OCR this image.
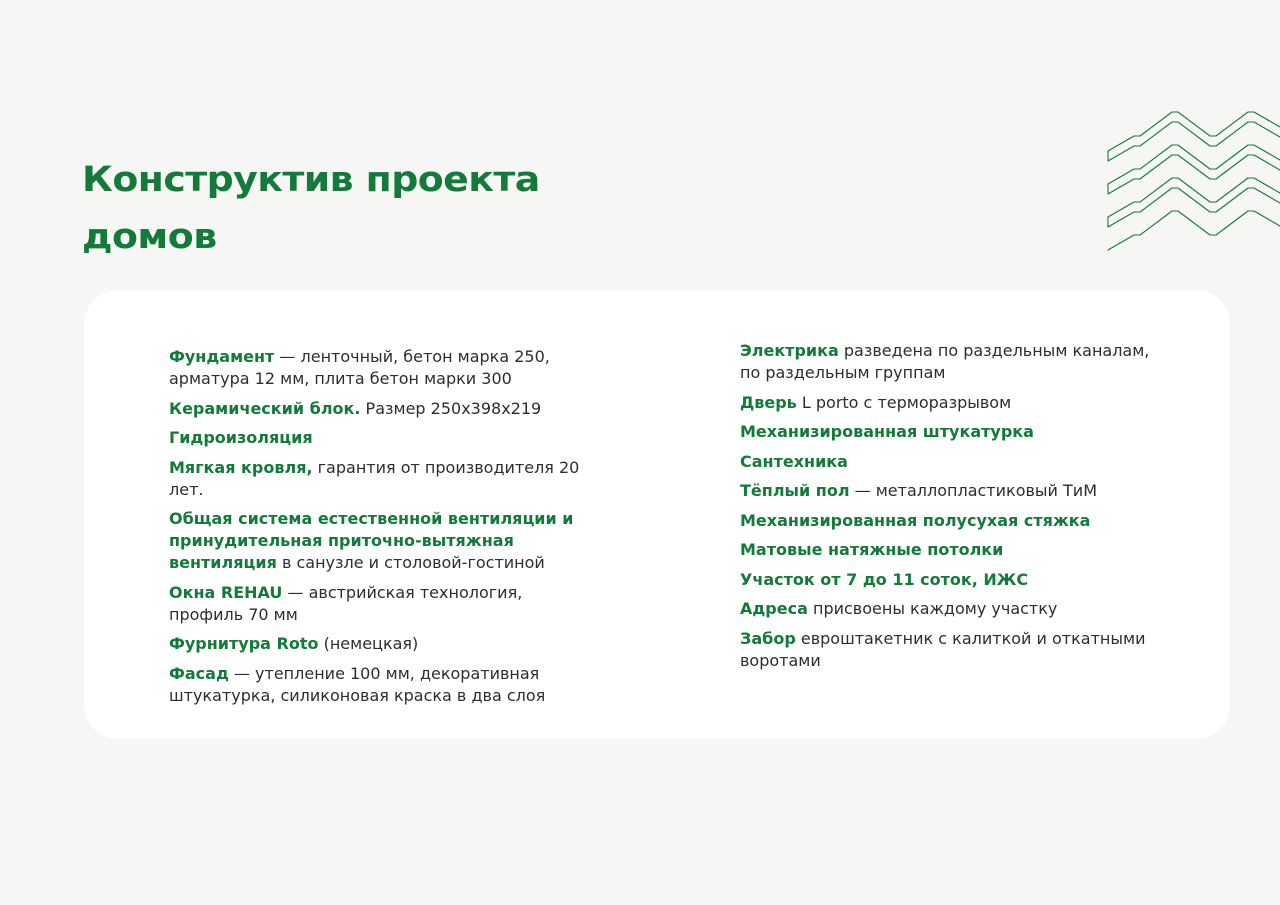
Конструктив проекта
домов

Фундамент — ленточный, бетон марка 250, арматура 12 мм, плита бетон марки 300

Керамический блок. Размер 250х398х219

Гидроизоляция

Мягкая кровля, гарантия от производителя 20 лет.

Общая система естественной вентиляции и принудительная приточно-вытяжная вентиляция в санузле и столовой-гостиной

Окна REHAU — австрийская технология, профиль 70 мм

Фурнитура Roto (немецкая)

Фасад — утепление 100 мм, декоративная штукатурка, силиконовая краска в два слоя

Электрика разведена по раздельным каналам, по раздельным группам

Дверь L porto с терморазрывом

Механизированная штукатурка

Сантехника

Тёплый пол — металлопластиковый ТиМ

Механизированная полусухая стяжка

Матовые натяжные потолки

Участок от 7 до 11 соток, ИЖС

Адреса присвоены каждому участку

Забор евроштакетник с калиткой и откатными воротами
